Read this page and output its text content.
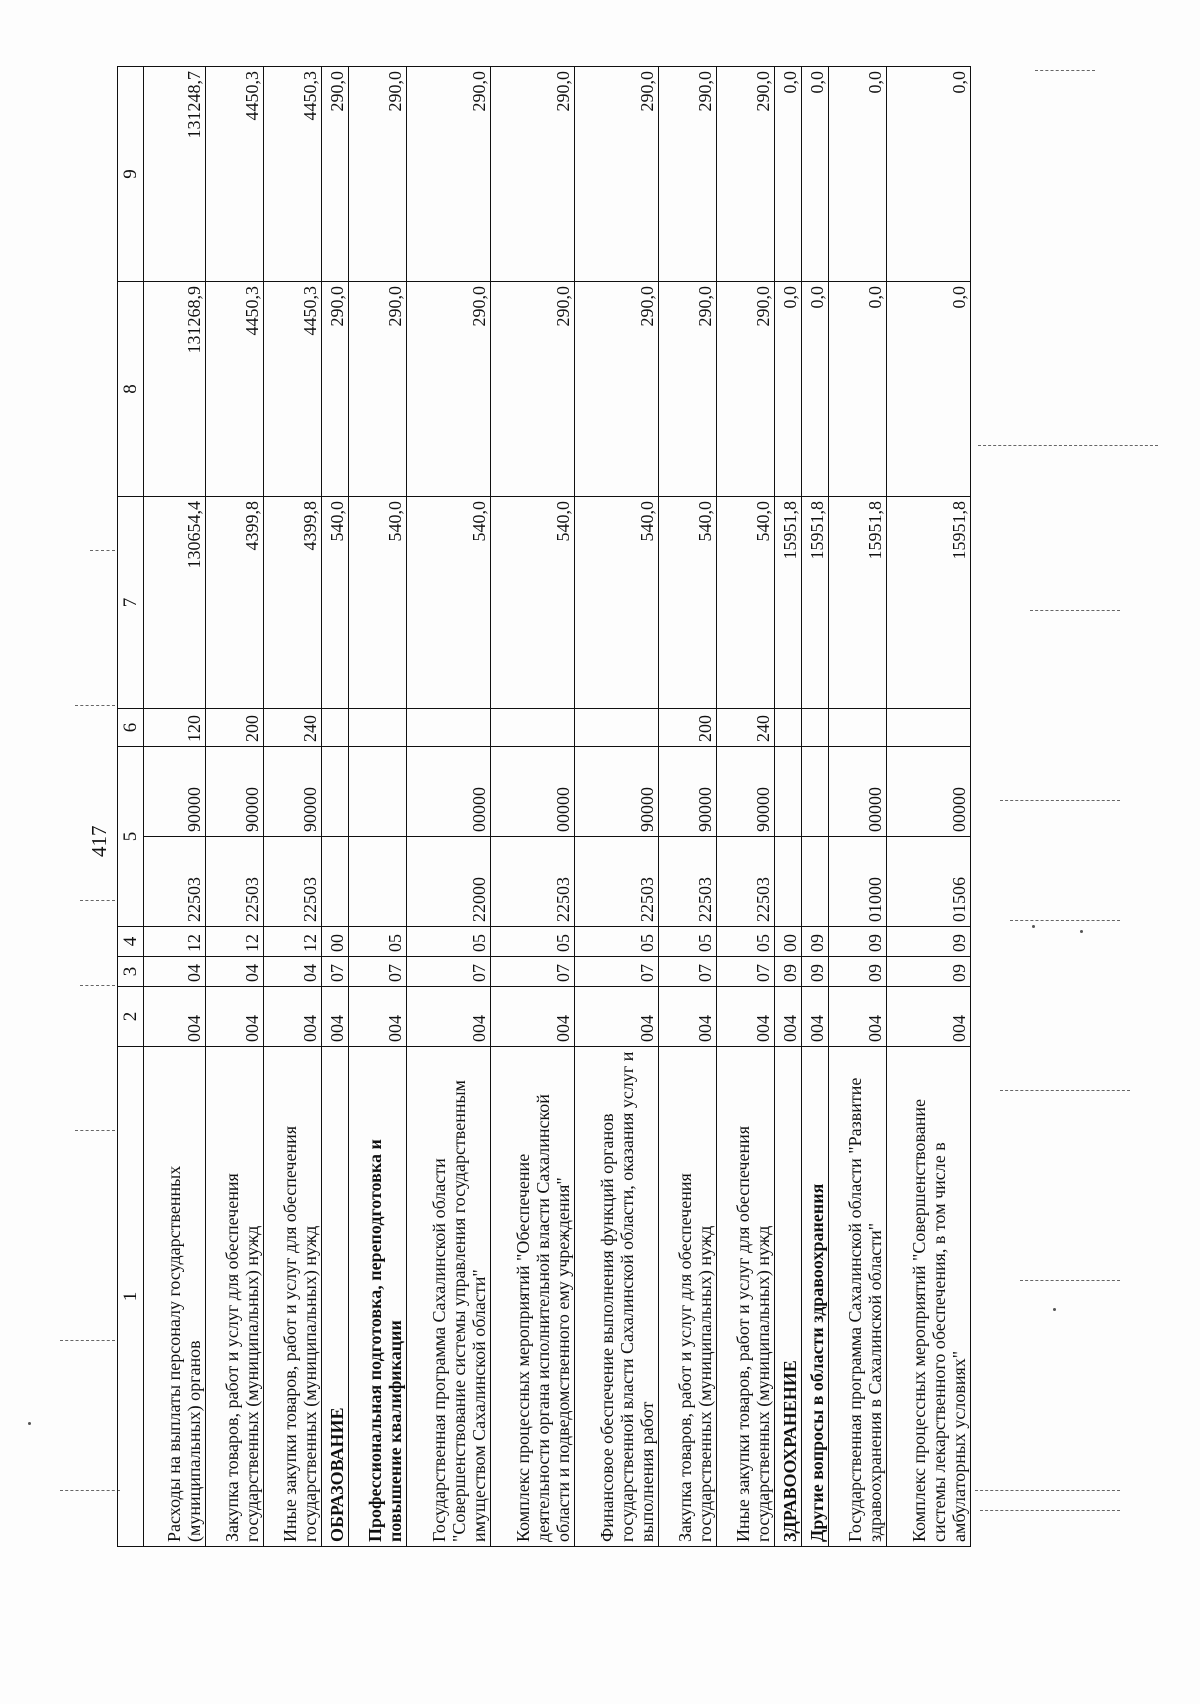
417
1	2	3	4	5		6	7	8	9
Расходы на выплаты персоналу государственных (муниципальных) органов	004	04	12	22503	90000	120	130654,4	131268,9	131248,7
Закупка товаров, работ и услуг для обеспечения государственных (муниципальных) нужд	004	04	12	22503	90000	200	4399,8	4450,3	4450,3
Иные закупки товаров, работ и услуг для обеспечения государственных (муниципальных) нужд	004	04	12	22503	90000	240	4399,8	4450,3	4450,3
ОБРАЗОВАНИЕ	004	07	00				540,0	290,0	290,0
Профессиональная подготовка, переподготовка и повышение квалификации	004	07	05				540,0	290,0	290,0
Государственная программа Сахалинской области "Совершенствование системы управления государственным имуществом Сахалинской области"	004	07	05	22000	00000		540,0	290,0	290,0
Комплекс процессных мероприятий "Обеспечение деятельности органа исполнительной власти Сахалинской области и подведомственного ему учреждения"	004	07	05	22503	00000		540,0	290,0	290,0
Финансовое обеспечение выполнения функций органов государственной власти Сахалинской области, оказания услуг и выполнения работ	004	07	05	22503	90000		540,0	290,0	290,0
Закупка товаров, работ и услуг для обеспечения государственных (муниципальных) нужд	004	07	05	22503	90000	200	540,0	290,0	290,0
Иные закупки товаров, работ и услуг для обеспечения государственных (муниципальных) нужд	004	07	05	22503	90000	240	540,0	290,0	290,0
ЗДРАВООХРАНЕНИЕ	004	09	00				15951,8	0,0	0,0
Другие вопросы в области здравоохранения	004	09	09				15951,8	0,0	0,0
Государственная программа Сахалинской области "Развитие здравоохранения в Сахалинской области"	004	09	09	01000	00000		15951,8	0,0	0,0
Комплекс процессных мероприятий "Совершенствование системы лекарственного обеспечения, в том числе в амбулаторных условиях"	004	09	09	01506	00000		15951,8	0,0	0,0
